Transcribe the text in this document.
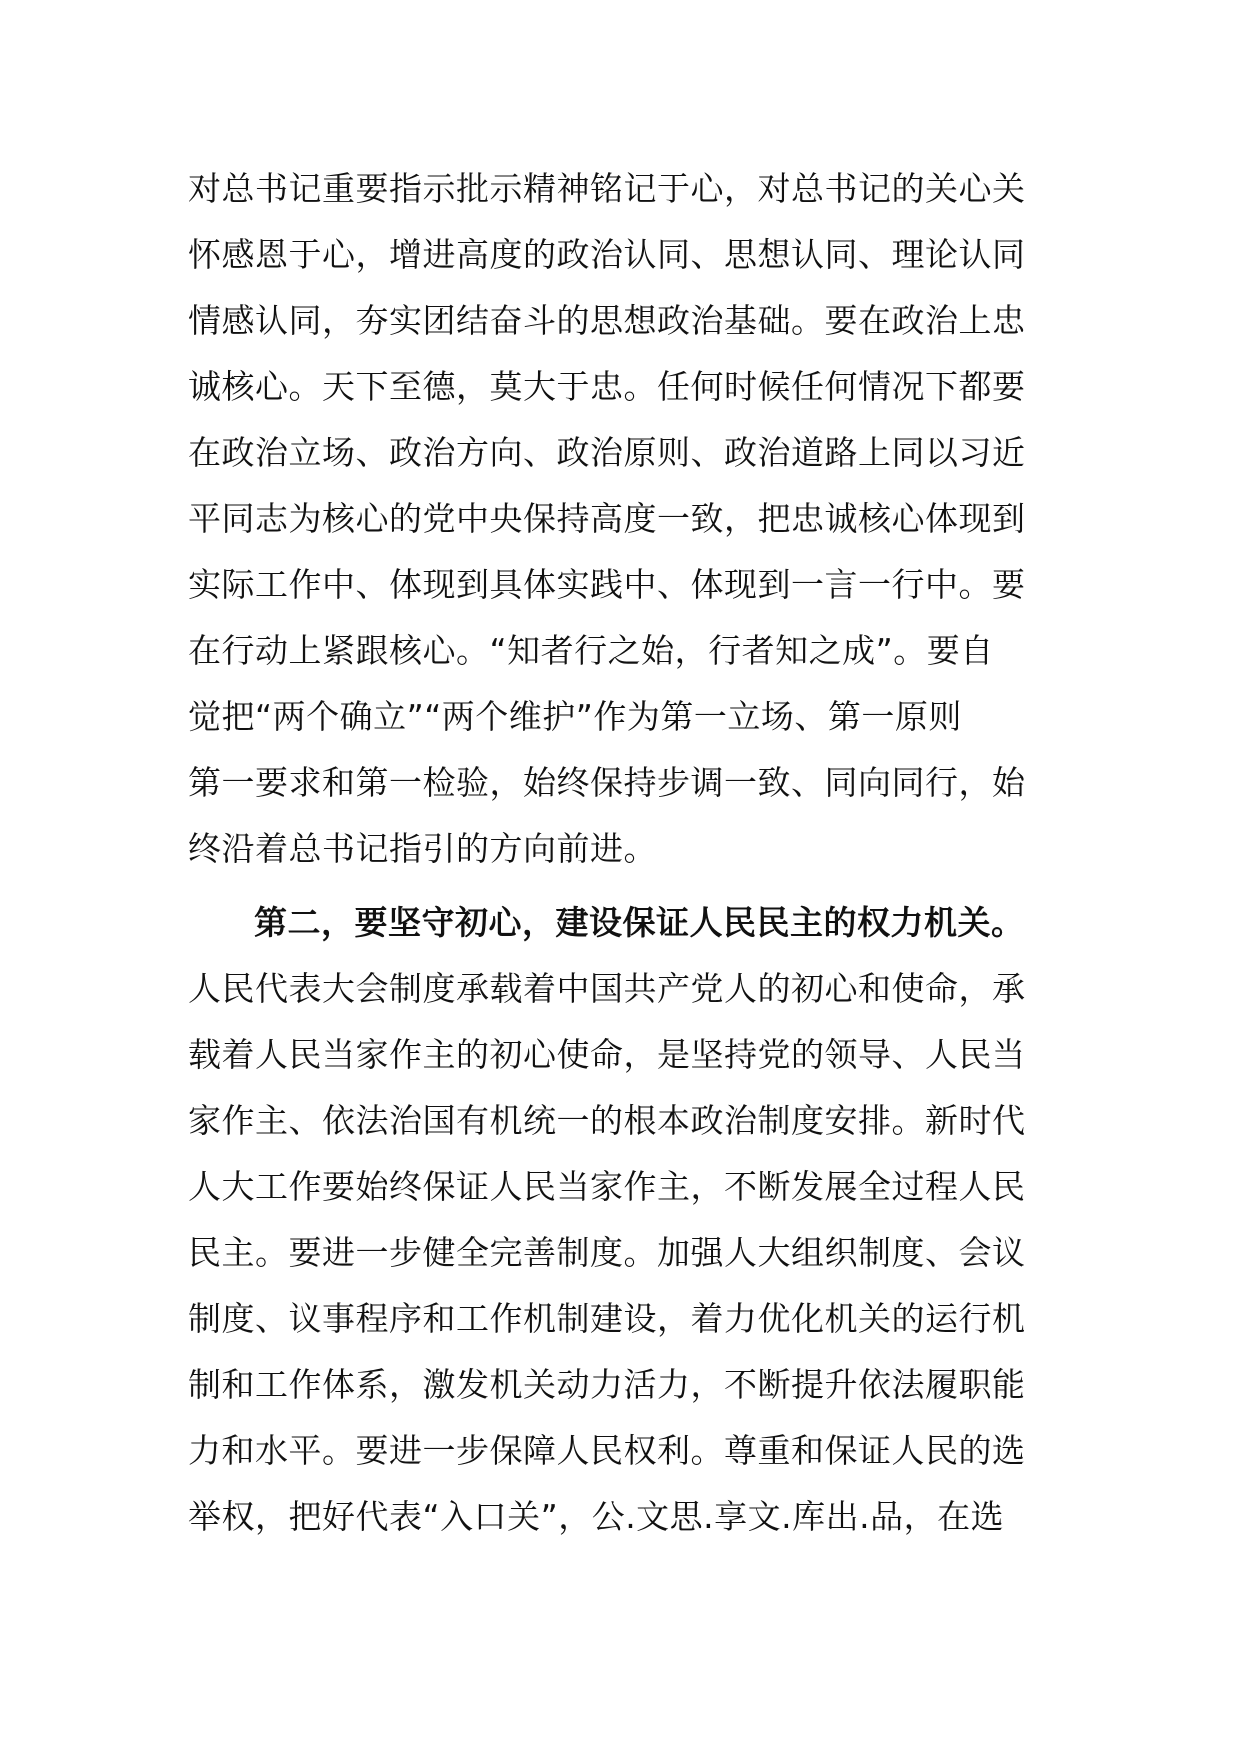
对总书记重要指示批示精神铭记于心，对总书记的关心关
怀感恩于心，增进高度的政治认同、思想认同、理论认同
情感认同，夯实团结奋斗的思想政治基础。要在政治上忠
诚核心。天下至德，莫大于忠。任何时候任何情况下都要
在政治立场、政治方向、政治原则、政治道路上同以习近
平同志为核心的党中央保持高度一致，把忠诚核心体现到
实际工作中、体现到具体实践中、体现到一言一行中。要
在行动上紧跟核心。“知者行之始，行者知之成”。要自
觉把“两个确立”“两个维护”作为第一立场、第一原则
第一要求和第一检验，始终保持步调一致、同向同行，始
终沿着总书记指引的方向前进。
第二，要坚守初心，建设保证人民民主的权力机关。
人民代表大会制度承载着中国共产党人的初心和使命，承
载着人民当家作主的初心使命，是坚持党的领导、人民当
家作主、依法治国有机统一的根本政治制度安排。新时代
人大工作要始终保证人民当家作主，不断发展全过程人民
民主。要进一步健全完善制度。加强人大组织制度、会议
制度、议事程序和工作机制建设，着力优化机关的运行机
制和工作体系，激发机关动力活力，不断提升依法履职能
力和水平。要进一步保障人民权利。尊重和保证人民的选
举权，把好代表“入口关”，公.文思.享文.库出.品，在选
